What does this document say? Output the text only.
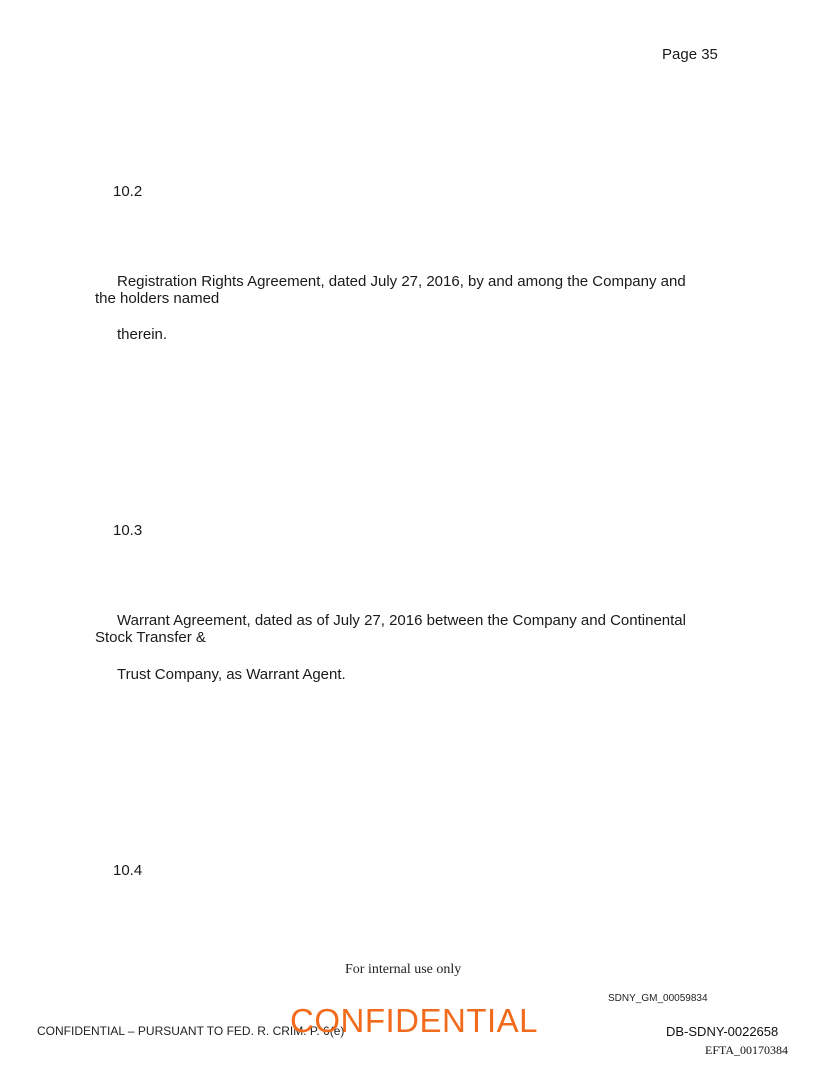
Page 35
10.2
Registration Rights Agreement, dated July 27, 2016, by and among the Company and
the holders named
therein.
10.3
Warrant Agreement, dated as of July 27, 2016 between the Company and Continental
Stock Transfer &
Trust Company, as Warrant Agent.
10.4
For internal use only
SDNY_GM_00059834
CONFIDENTIAL – PURSUANT TO FED. R. CRIM. P. 6(e)
CONFIDENTIAL	DB-SDNY-0022658
EFTA_00170384
